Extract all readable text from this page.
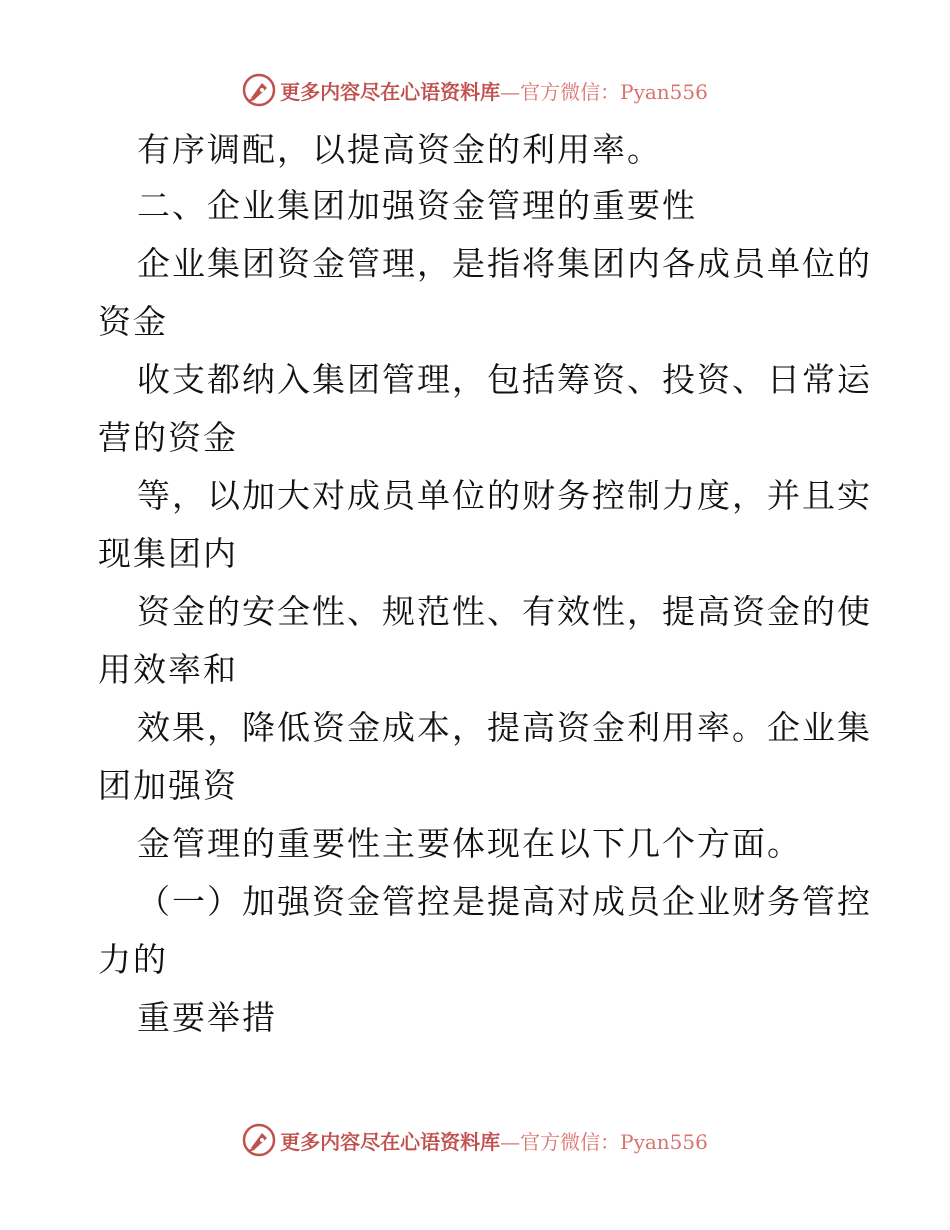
更多内容尽在心语资料库 —官方微信：Pyan556
有序调配，以提高资金的利用率。
二、企业集团加强资金管理的重要性
企业集团资金管理，是指将集团内各成员单位的
资金
收支都纳入集团管理，包括筹资、投资、日常运
营的资金
等，以加大对成员单位的财务控制力度，并且实
现集团内
资金的安全性、规范性、有效性，提高资金的使
用效率和
效果，降低资金成本，提高资金利用率。企业集
团加强资
金管理的重要性主要体现在以下几个方面。
（一）加强资金管控是提高对成员企业财务管控
力的
重要举措
更多内容尽在心语资料库 —官方微信：Pyan556
